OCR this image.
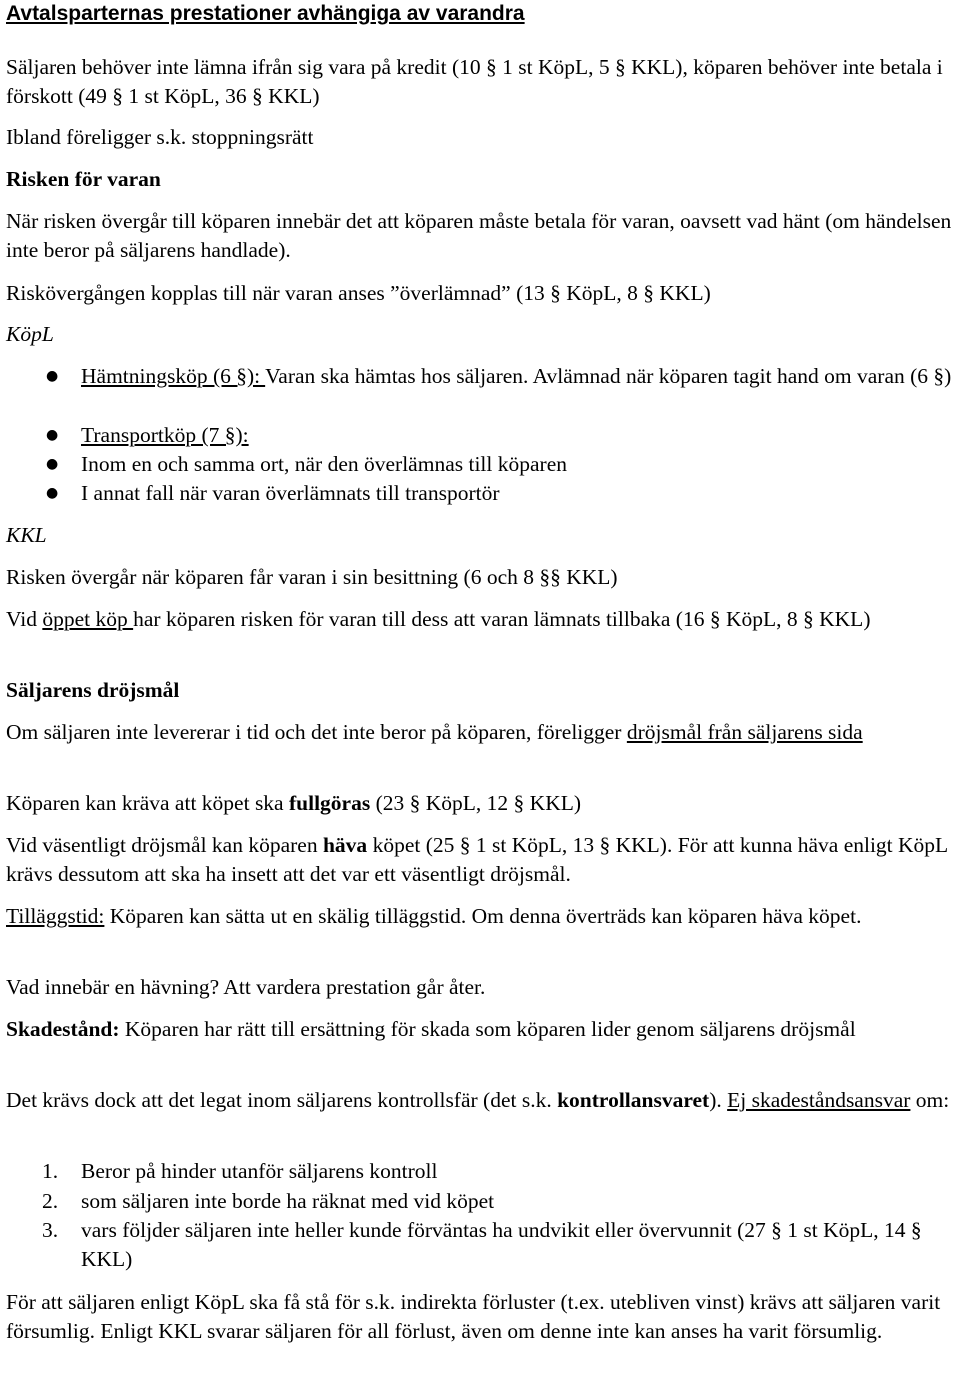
Avtalsparternas prestationer avhängiga av varandra
Säljaren behöver inte lämna ifrån sig vara på kredit (10 § 1 st KöpL, 5 § KKL), köparen behöver inte betala i förskott (49 § 1 st KöpL, 36 § KKL)
Ibland föreligger s.k. stoppningsrätt
Risken för varan
När risken övergår till köparen innebär det att köparen måste betala för varan, oavsett vad hänt (om händelsen inte beror på säljarens handlade).
Riskövergången kopplas till när varan anses ”överlämnad” (13 § KöpL, 8 § KKL)
KöpL
● Hämtningsköp (6 §): Varan ska hämtas hos säljaren. Avlämnad när köparen tagit hand om varan (6 §)
● Transportköp (7 §):
● Inom en och samma ort, när den överlämnas till köparen
● I annat fall när varan överlämnats till transportör
KKL
Risken övergår när köparen får varan i sin besittning (6 och 8 §§ KKL)
Vid öppet köp har köparen risken för varan till dess att varan lämnats tillbaka (16 § KöpL, 8 § KKL)
Säljarens dröjsmål
Om säljaren inte levererar i tid och det inte beror på köparen, föreligger dröjsmål från säljarens sida
Köparen kan kräva att köpet ska fullgöras (23 § KöpL, 12 § KKL)
Vid väsentligt dröjsmål kan köparen häva köpet (25 § 1 st KöpL, 13 § KKL). För att kunna häva enligt KöpL krävs dessutom att ska ha insett att det var ett väsentligt dröjsmål.
Tilläggstid: Köparen kan sätta ut en skälig tilläggstid. Om denna överträds kan köparen häva köpet.
Vad innebär en hävning? Att vardera prestation går åter.
Skadestånd: Köparen har rätt till ersättning för skada som köparen lider genom säljarens dröjsmål
Det krävs dock att det legat inom säljarens kontrollsfär (det s.k. kontrollansvaret). Ej skadeståndsansvar om:
1. Beror på hinder utanför säljarens kontroll
2. som säljaren inte borde ha räknat med vid köpet
3. vars följder säljaren inte heller kunde förväntas ha undvikit eller övervunnit (27 § 1 st KöpL, 14 § KKL)
För att säljaren enligt KöpL ska få stå för s.k. indirekta förluster (t.ex. utebliven vinst) krävs att säljaren varit försumlig. Enligt KKL svarar säljaren för all förlust, även om denne inte kan anses ha varit försumlig.
